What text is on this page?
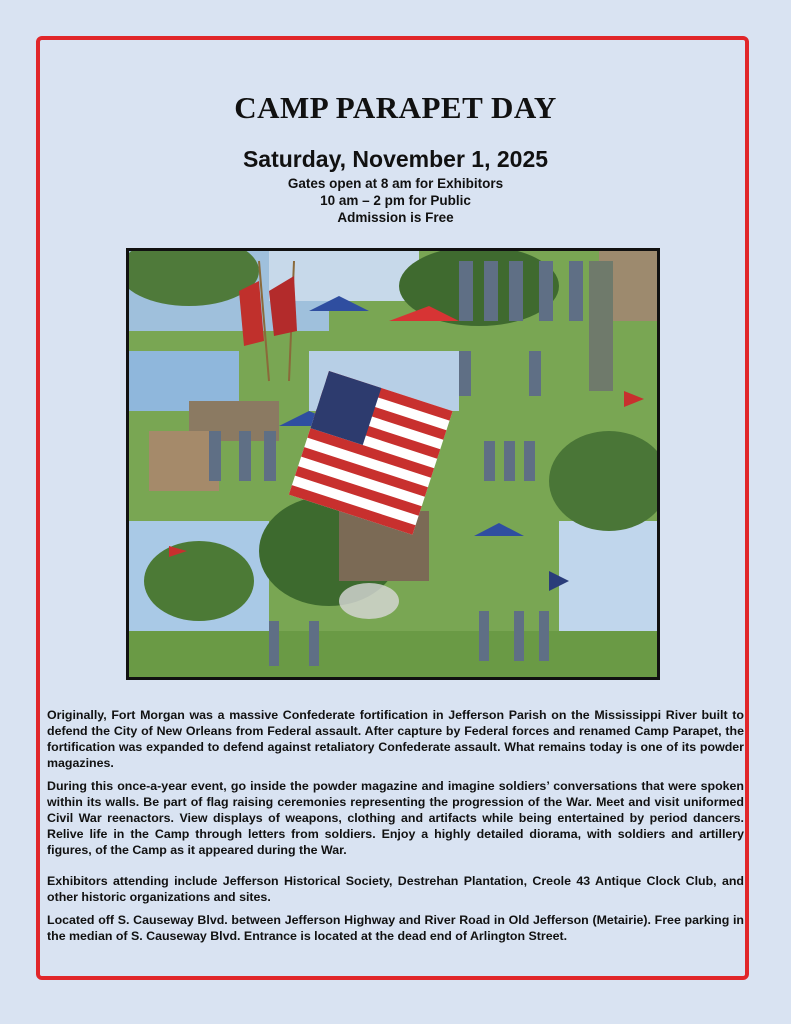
CAMP PARAPET DAY
Saturday, November 1, 2025
Gates open at 8 am for Exhibitors
10 am – 2 pm for Public
Admission is Free

Originally, Fort Morgan was a massive Confederate fortification in Jefferson Parish on the Mississippi River built to defend the City of New Orleans from Federal assault. After capture by Federal forces and renamed Camp Parapet, the fortification was expanded to defend against retaliatory Confederate assault. What remains today is one of its powder magazines.

During this once-a-year event, go inside the powder magazine and imagine soldiers’ conversations that were spoken within its walls. Be part of flag raising ceremonies representing the progression of the War. Meet and visit uniformed Civil War reenactors. View displays of weapons, clothing and artifacts while being entertained by period dancers. Relive life in the Camp through letters from soldiers. Enjoy a highly detailed diorama, with soldiers and artillery figures, of the Camp as it appeared during the War.

Exhibitors attending include Jefferson Historical Society, Destrehan Plantation, Creole 43 Antique Clock Club, and other historic organizations and sites.

Located off S. Causeway Blvd. between Jefferson Highway and River Road in Old Jefferson (Metairie). Free parking in the median of S. Causeway Blvd. Entrance is located at the dead end of Arlington Street.
